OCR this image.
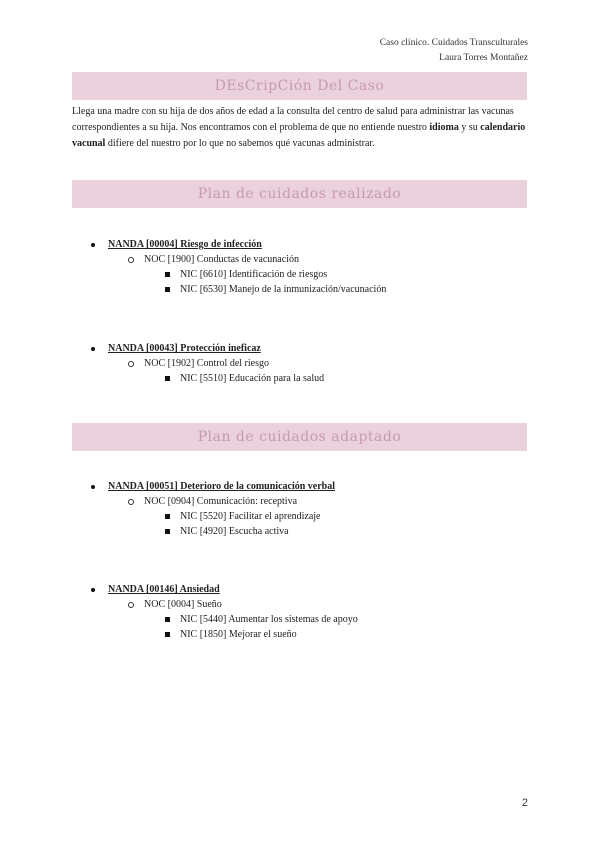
Caso clínico. Cuidados Transculturales
Laura Torres Montañez
DEsCripCión Del Caso
Llega una madre con su hija de dos años de edad a la consulta del centro de salud para administrar las vacunas correspondientes a su hija. Nos encontramos con el problema de que no entiende nuestro idioma y su calendario vacunal difiere del nuestro por lo que no sabemos qué vacunas administrar.
Plan de cuidados realizado
NANDA [00004] Riesgo de infección
NOC [1900] Conductas de vacunación
NIC [6610] Identificación de riesgos
NIC [6530] Manejo de la inmunización/vacunación
NANDA [00043] Protección ineficaz
NOC [1902] Control del riesgo
NIC [5510] Educación para la salud
Plan de cuidados adaptado
NANDA [00051] Deterioro de la comunicación verbal
NOC [0904] Comunicación: receptiva
NIC [5520] Facilitar el aprendizaje
NIC [4920] Escucha activa
NANDA [00146] Ansiedad
NOC [0004] Sueño
NIC [5440] Aumentar los sistemas de apoyo
NIC [1850] Mejorar el sueño
2
